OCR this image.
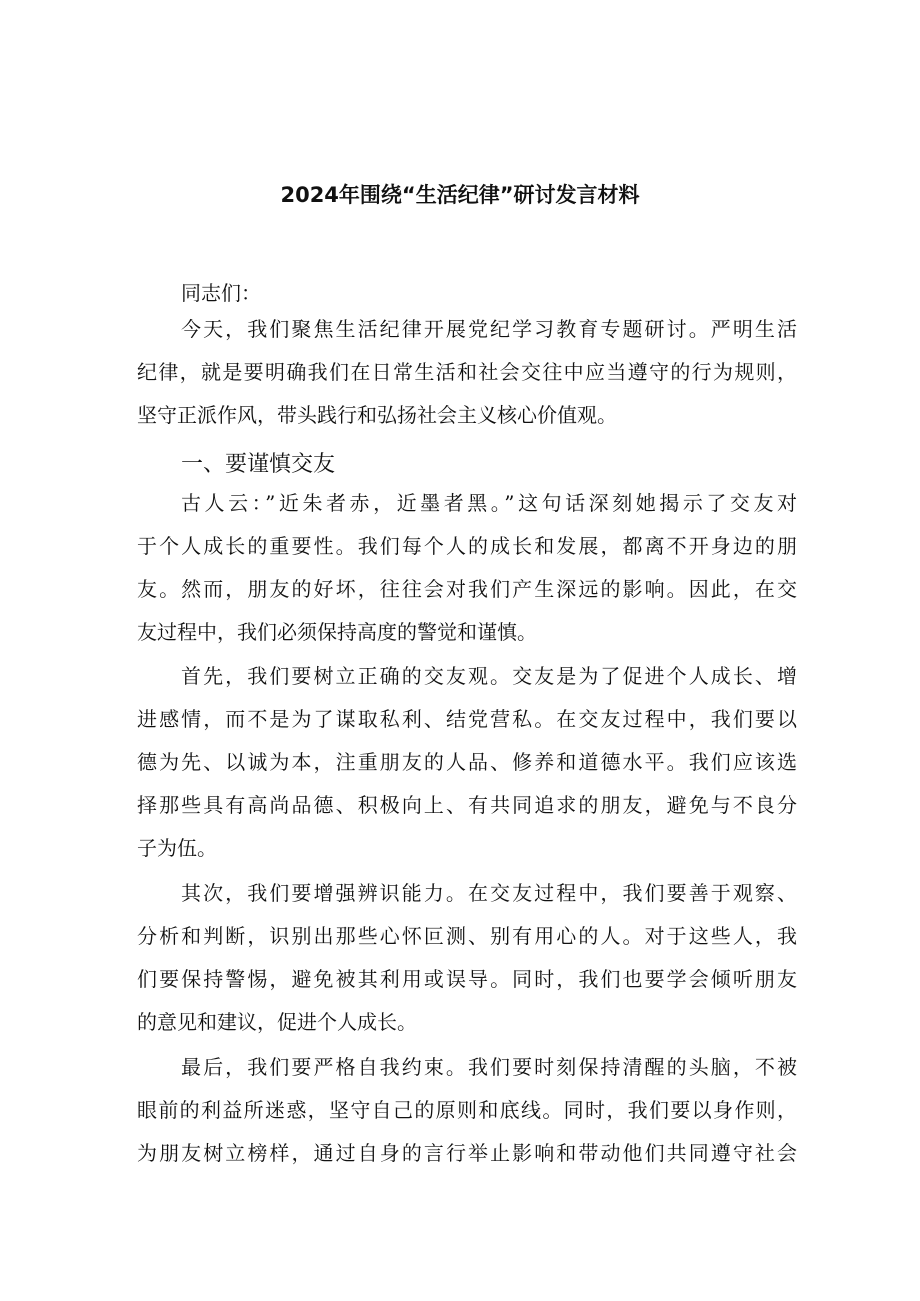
2024年围绕“生活纪律”研讨发言材料
同志们：
今天，我们聚焦生活纪律开展党纪学习教育专题研讨。严明生活
纪律，就是要明确我们在日常生活和社会交往中应当遵守的行为规则，
坚守正派作风，带头践行和弘扬社会主义核心价值观。
一、要谨慎交友
古人云：”近朱者赤，近墨者黑。”这句话深刻她揭示了交友对
于个人成长的重要性。我们每个人的成长和发展，都离不开身边的朋
友。然而，朋友的好坏，往往会对我们产生深远的影响。因此，在交
友过程中，我们必须保持高度的警觉和谨慎。
首先，我们要树立正确的交友观。交友是为了促进个人成长、增
进感情，而不是为了谋取私利、结党营私。在交友过程中，我们要以
德为先、以诚为本，注重朋友的人品、修养和道德水平。我们应该选
择那些具有高尚品德、积极向上、有共同追求的朋友，避免与不良分
子为伍。
其次，我们要增强辨识能力。在交友过程中，我们要善于观察、
分析和判断，识别出那些心怀叵测、别有用心的人。对于这些人，我
们要保持警惕，避免被其利用或误导。同时，我们也要学会倾听朋友
的意见和建议，促进个人成长。
最后，我们要严格自我约束。我们要时刻保持清醒的头脑，不被
眼前的利益所迷惑，坚守自己的原则和底线。同时，我们要以身作则，
为朋友树立榜样，通过自身的言行举止影响和带动他们共同遵守社会
